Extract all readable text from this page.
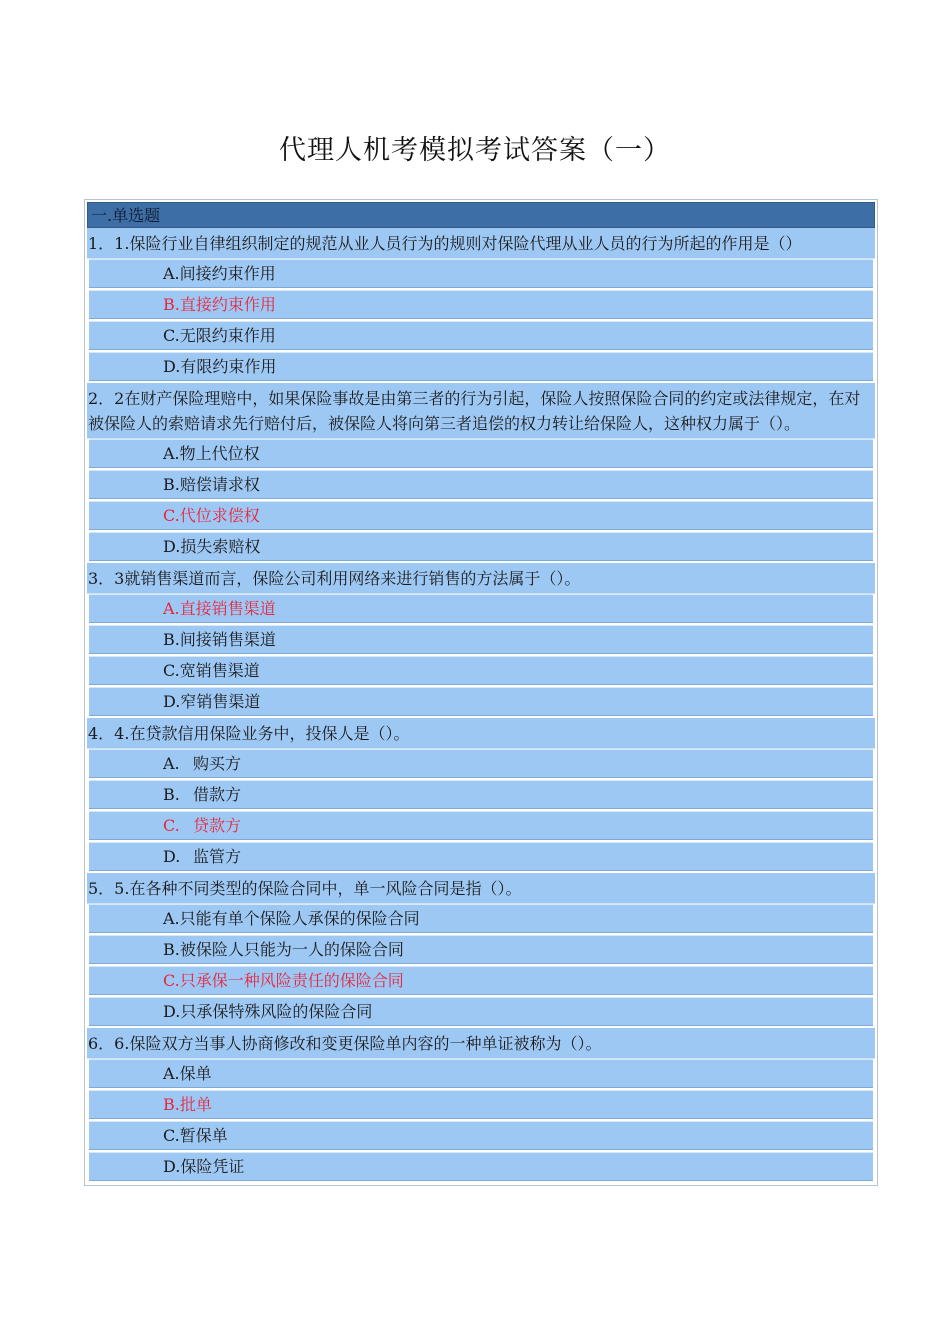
代理人机考模拟考试答案（一）
一.单选题
1．1.保险行业自律组织制定的规范从业人员行为的规则对保险代理从业人员的行为所起的作用是（）
A.间接约束作用
B.直接约束作用
C.无限约束作用
D.有限约束作用
2．2在财产保险理赔中，如果保险事故是由第三者的行为引起，保险人按照保险合同的约定或法律规定，在对被保险人的索赔请求先行赔付后，被保险人将向第三者追偿的权力转让给保险人，这种权力属于（）。
A.物上代位权
B.赔偿请求权
C.代位求偿权
D.损失索赔权
3．3就销售渠道而言，保险公司利用网络来进行销售的方法属于（）。
A.直接销售渠道
B.间接销售渠道
C.宽销售渠道
D.窄销售渠道
4．4.在贷款信用保险业务中，投保人是（）。
A. 购买方
B. 借款方
C. 贷款方
D. 监管方
5．5.在各种不同类型的保险合同中，单一风险合同是指（）。
A.只能有单个保险人承保的保险合同
B.被保险人只能为一人的保险合同
C.只承保一种风险责任的保险合同
D.只承保特殊风险的保险合同
6．6.保险双方当事人协商修改和变更保险单内容的一种单证被称为（）。
A.保单
B.批单
C.暂保单
D.保险凭证
